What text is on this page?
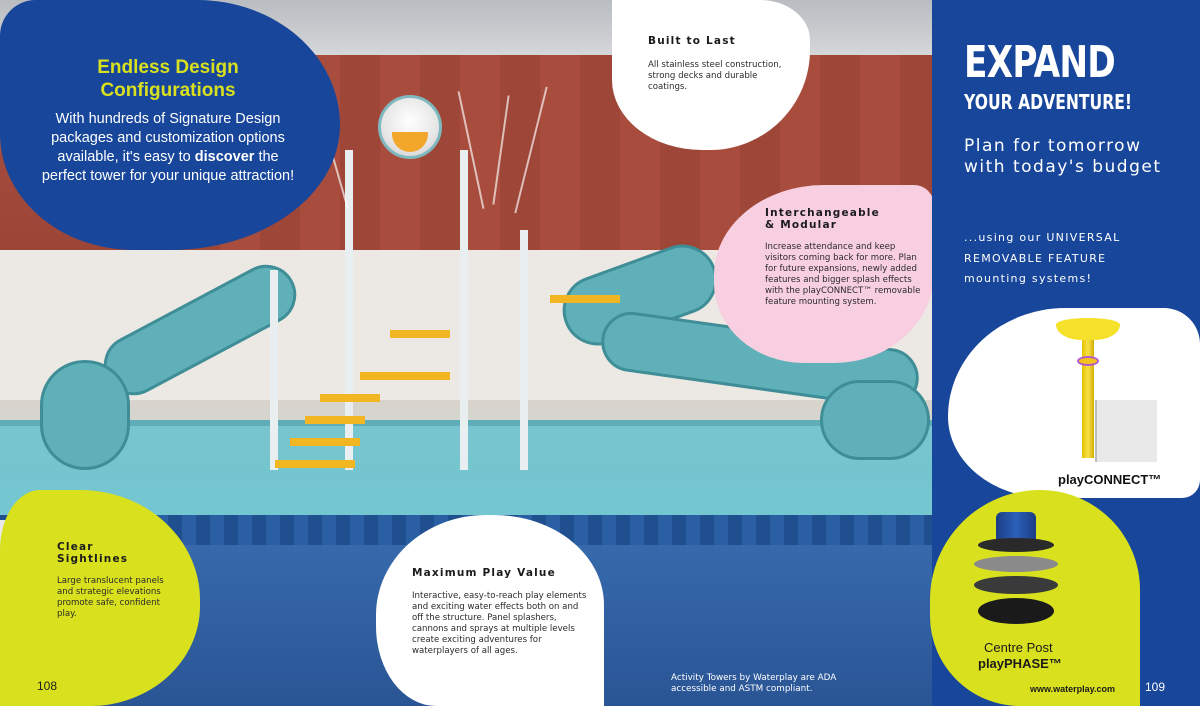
Endless Design
Configurations
With hundreds of Signature Design packages and customization options available, it's easy to discover the perfect tower for your unique attraction!
Built to Last
All stainless steel construction, strong decks and durable coatings.
Interchangeable
& Modular
Increase attendance and keep visitors coming back for more. Plan for future expansions, newly added features and bigger splash effects with the playCONNECT™ removable feature mounting system.
Clear
Sightlines
Large translucent panels and strategic elevations promote safe, confident play.
Maximum Play Value
Interactive, easy-to-reach play elements and exciting water effects both on and off the structure. Panel splashers, cannons and sprays at multiple levels create exciting adventures for waterplayers of all ages.
Activity Towers by Waterplay are ADA accessible and ASTM compliant.
108
EXPAND
YOUR ADVENTURE!
Plan for tomorrow with today's budget
...using our UNIVERSAL REMOVABLE FEATURE mounting systems!
playCONNECT™
Centre Post
playPHASE™
www.waterplay.com 109
